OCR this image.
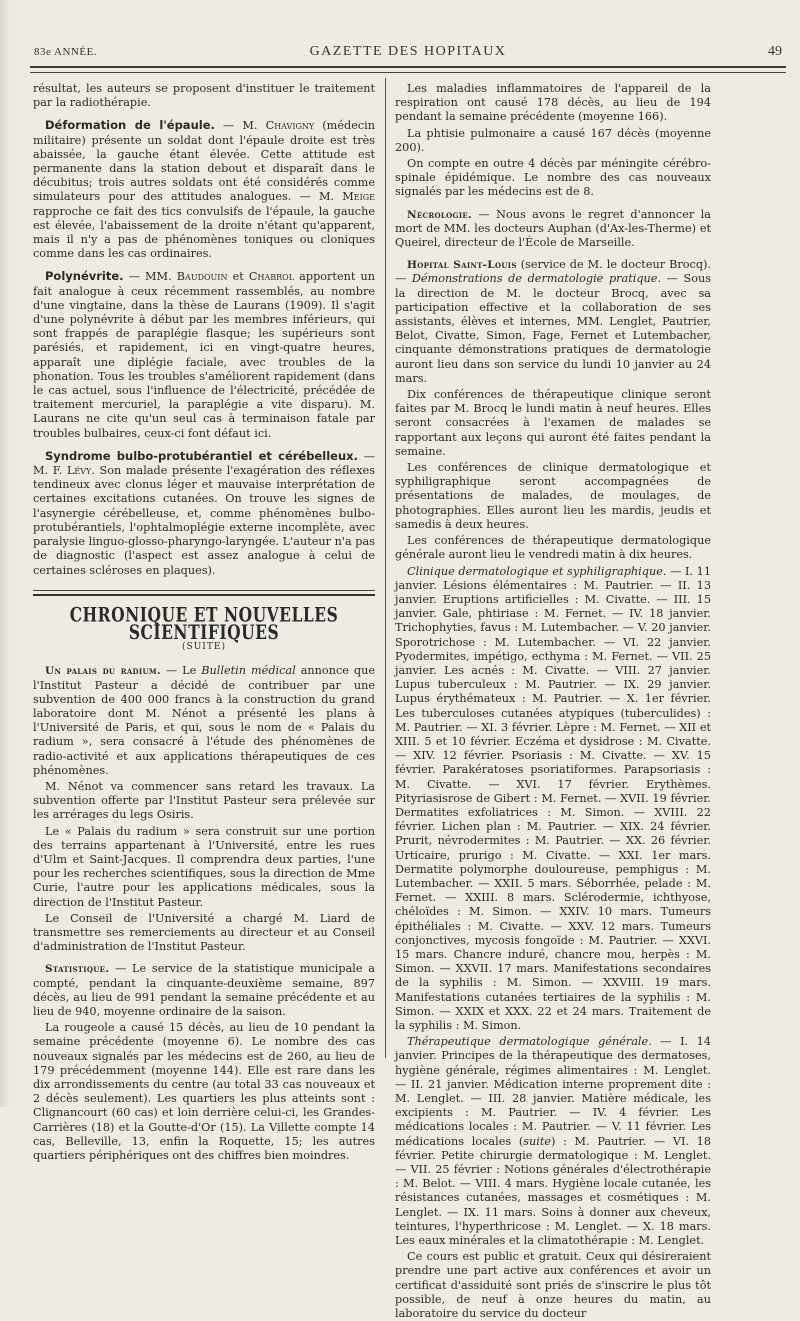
83e ANNÉE.	GAZETTE DES HOPITAUX	49

résultat, les auteurs se proposent d'instituer le traitement par la radiothérapie.

Déformation de l'épaule. — M. Chavigny (médecin militaire) présente un soldat dont l'épaule droite est très abaissée, la gauche étant élevée. Cette attitude est permanente dans la station debout et disparaît dans le décubitus; trois autres soldats ont été considérés comme simulateurs pour des attitudes analogues. — M. Meige rapproche ce fait des tics convulsifs de l'épaule, la gauche est élevée, l'abaissement de la droite n'étant qu'apparent, mais il n'y a pas de phénomènes toniques ou cloniques comme dans les cas ordinaires.

Polynévrite. — MM. Baudouin et Chabrol apportent un fait analogue à ceux récemment rassemblés, au nombre d'une vingtaine, dans la thèse de Laurans (1909). Il s'agit d'une polynévrite à début par les membres inférieurs, qui sont frappés de paraplégie flasque; les supérieurs sont parésiés, et rapidement, ici en vingt-quatre heures, apparaît une diplégie faciale, avec troubles de la phonation. Tous les troubles s'améliorent rapidement (dans le cas actuel, sous l'influence de l'électricité, précédée de traitement mercuriel, la paraplégie a vite disparu). M. Laurans ne cite qu'un seul cas à terminaison fatale par troubles bulbaires, ceux-ci font défaut ici.

Syndrome bulbo-protubérantiel et cérébelleux. — M. F. Lévy. Son malade présente l'exagération des réflexes tendineux avec clonus léger et mauvaise interprétation de certaines excitations cutanées. On trouve les signes de l'asynergie cérébelleuse, et, comme phénomènes bulbo-protubérantiels, l'ophtalmoplégie externe incomplète, avec paralysie linguo-glosso-pharyngo-laryngée. L'auteur n'a pas de diagnostic (l'aspect est assez analogue à celui de certaines scléroses en plaques).

CHRONIQUE ET NOUVELLES SCIENTIFIQUES
( SUITE )

Un palais du radium. — Le Bulletin médical annonce que l'Institut Pasteur a décidé de contribuer par une subvention de 400 000 francs à la construction du grand laboratoire dont M. Nénot a présenté les plans à l'Université de Paris, et qui, sous le nom de « Palais du radium », sera consacré à l'étude des phénomènes de radio-activité et aux applications thérapeutiques de ces phénomènes.

M. Nénot va commencer sans retard les travaux. La subvention offerte par l'Institut Pasteur sera prélevée sur les arrérages du legs Osiris.

Le « Palais du radium » sera construit sur une portion des terrains appartenant à l'Université, entre les rues d'Ulm et Saint-Jacques. Il comprendra deux parties, l'une pour les recherches scientifiques, sous la direction de Mme Curie, l'autre pour les applications médicales, sous la direction de l'Institut Pasteur.

Le Conseil de l'Université a chargé M. Liard de transmettre ses remerciements au directeur et au Conseil d'administration de l'Institut Pasteur.

Statistique. — Le service de la statistique municipale a compté, pendant la cinquante-deuxième semaine, 897 décès, au lieu de 991 pendant la semaine précédente et au lieu de 940, moyenne ordinaire de la saison.

La rougeole a causé 15 décès, au lieu de 10 pendant la semaine précédente (moyenne 6). Le nombre des cas nouveaux signalés par les médecins est de 260, au lieu de 179 précédemment (moyenne 144). Elle est rare dans les dix arrondissements du centre (au total 33 cas nouveaux et 2 décès seulement). Les quartiers les plus atteints sont : Clignancourt (60 cas) et loin derrière celui-ci, les Grandes-Carrières (18) et la Goutte-d'Or (15). La Villette compte 14 cas, Belleville, 13, enfin la Roquette, 15; les autres quartiers périphériques ont des chiffres bien moindres.

Les maladies inflammatoires de l'appareil de la respiration ont causé 178 décès, au lieu de 194 pendant la semaine précédente (moyenne 166).

La phtisie pulmonaire a causé 167 décès (moyenne 200).

On compte en outre 4 décès par méningite cérébro-spinale épidémique. Le nombre des cas nouveaux signalés par les médecins est de 8.

Nécrologie. — Nous avons le regret d'annoncer la mort de MM. les docteurs Auphan (d'Ax-les-Therme) et Queirel, directeur de l'École de Marseille.

Hopital Saint-Louis (service de M. le docteur Brocq). — Démonstrations de dermatologie pratique. — Sous la direction de M. le docteur Brocq, avec sa participation effective et la collaboration de ses assistants, élèves et internes, MM. Lenglet, Pautrier, Belot, Civatte, Simon, Fage, Fernet et Lutembacher, cinquante démonstrations pratiques de dermatologie auront lieu dans son service du lundi 10 janvier au 24 mars.

Dix conférences de thérapeutique clinique seront faites par M. Brocq le lundi matin à neuf heures. Elles seront consacrées à l'examen de malades se rapportant aux leçons qui auront été faites pendant la semaine.

Les conférences de clinique dermatologique et syphiligraphique seront accompagnées de présentations de malades, de moulages, de photographies. Elles auront lieu les mardis, jeudis et samedis à deux heures.

Les conférences de thérapeutique dermatologique générale auront lieu le vendredi matin à dix heures.

Clinique dermatologique et syphiligraphique. — I. 11 janvier. Lésions élémentaires : M. Pautrier. — II. 13 janvier. Eruptions artificielles : M. Civatte. — III. 15 janvier. Gale, phtiriase : M. Fernet. — IV. 18 janvier. Trichophyties, favus : M. Lutembacher. — V. 20 janvier. Sporotrichose : M. Lutembacher. — VI. 22 janvier. Pyodermites, impétigo, ecthyma : M. Fernet. — VII. 25 janvier. Les acnés : M. Civatte. — VIII. 27 janvier. Lupus tuberculeux : M. Pautrier. — IX. 29 janvier. Lupus érythémateux : M. Pautrier. — X. 1er février. Les tuberculoses cutanées atypiques (tuberculides) : M. Pautrier. — XI. 3 février. Lèpre : M. Fernet. — XII et XIII. 5 et 10 février. Eczéma et dysidrose : M. Civatte. — XIV. 12 février. Psoriasis : M. Civatte. — XV. 15 février. Parakératoses psoriatiformes. Parapsoriasis : M. Civatte. — XVI. 17 février. Erythèmes. Pityriasisrose de Gibert : M. Fernet. — XVII. 19 février. Dermatites exfoliatrices : M. Simon. — XVIII. 22 février. Lichen plan : M. Pautrier. — XIX. 24 février. Prurit, névrodermites : M. Pautrier. — XX. 26 février. Urticaire, prurigo : M. Civatte. — XXI. 1er mars. Dermatite polymorphe douloureuse, pemphigus : M. Lutembacher. — XXII. 5 mars. Séborrhée, pelade : M. Fernet. — XXIII. 8 mars. Sclérodermie, ichthyose, chéloïdes : M. Simon. — XXIV. 10 mars. Tumeurs épithéliales : M. Civatte. — XXV. 12 mars. Tumeurs conjonctives, mycosis fongoïde : M. Pautrier. — XXVI. 15 mars. Chancre induré, chancre mou, herpès : M. Simon. — XXVII. 17 mars. Manifestations secondaires de la syphilis : M. Simon. — XXVIII. 19 mars. Manifestations cutanées tertiaires de la syphilis : M. Simon. — XXIX et XXX. 22 et 24 mars. Traitement de la syphilis : M. Simon.

Thérapeutique dermatologique générale. — I. 14 janvier. Principes de la thérapeutique des dermatoses, hygiène générale, régimes alimentaires : M. Lenglet. — II. 21 janvier. Médication interne proprement dite : M. Lenglet. — III. 28 janvier. Matière médicale, les excipients : M. Pautrier. — IV. 4 février. Les médications locales : M. Pautrier. — V. 11 février. Les médications locales (suite) : M. Pautrier. — VI. 18 février. Petite chirurgie dermatologique : M. Lenglet. — VII. 25 février : Notions générales d'électrothérapie : M. Belot. — VIII. 4 mars. Hygiène locale cutanée, les résistances cutanées, massages et cosmétiques : M. Lenglet. — IX. 11 mars. Soins à donner aux cheveux, teintures, l'hyperthricose : M. Lenglet. — X. 18 mars. Les eaux minérales et la climatothérapie : M. Lenglet.

Ce cours est public et gratuit. Ceux qui désireraient prendre une part active aux conférences et avoir un certificat d'assiduité sont priés de s'inscrire le plus tôt possible, de neuf à onze heures du matin, au laboratoire du service du docteur
